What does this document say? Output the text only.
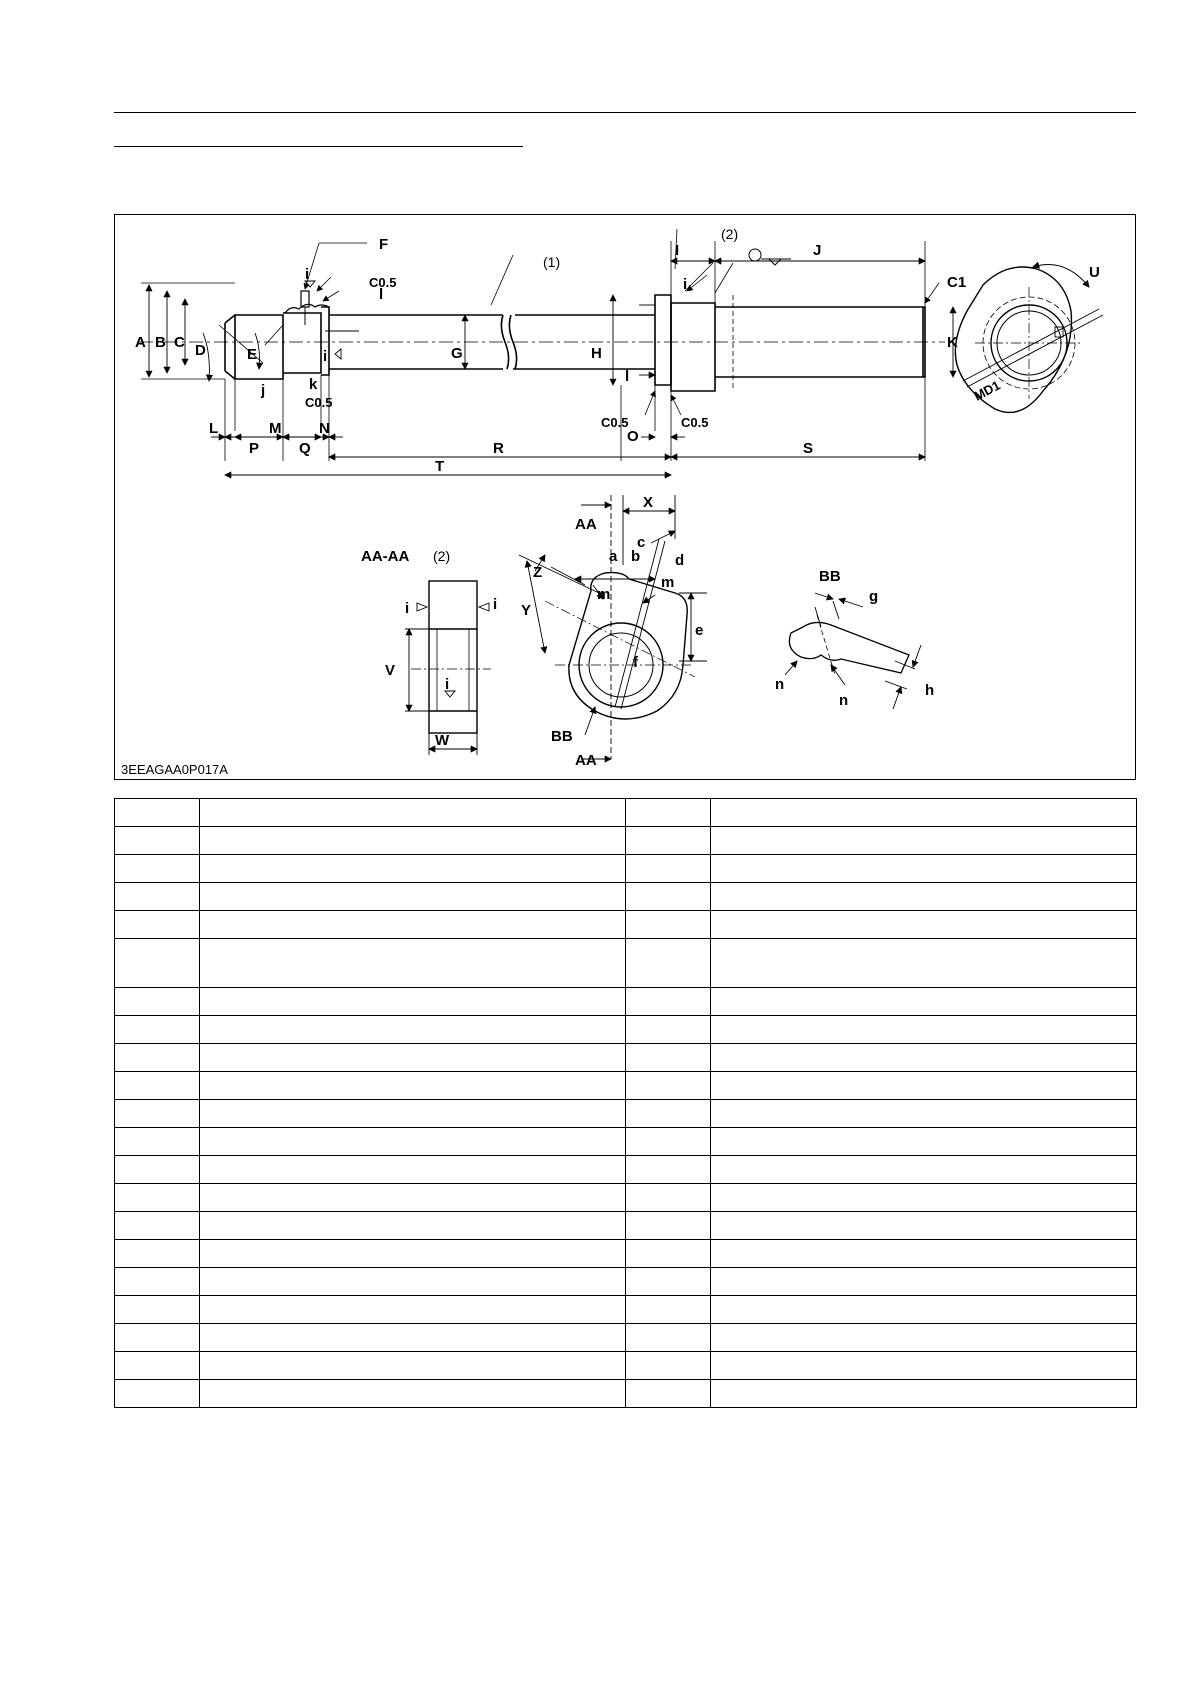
A B C D	E
F
G	H
I	J
K
L	M	N	O
P	Q	R	S
T
U
V
W
X
Y
Z
a b
c
d
e
f
g
h
i
i
i
i	i
i
j	k
l
l
m
m
n
n
C0.5
C0.5
C0.5	C0.5
C1
MD1
(1)
(2)
AA-AA (2)
AA
AA
BB
BB
3EEAGAA0P017A
